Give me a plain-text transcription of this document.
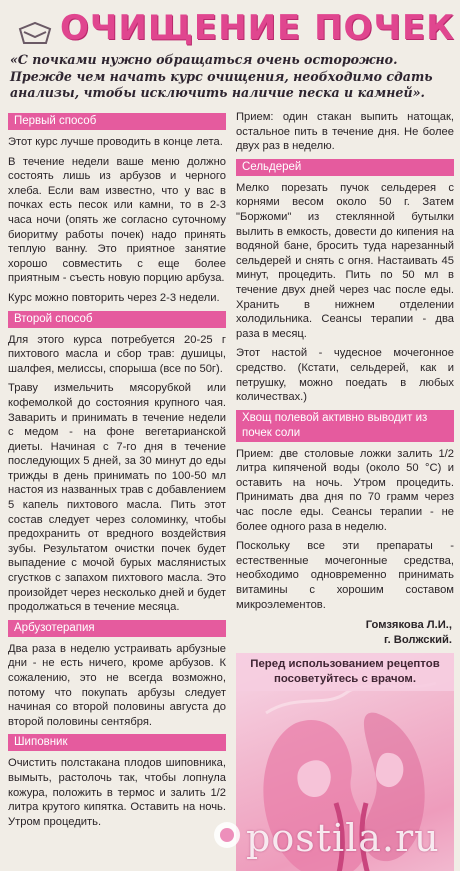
ОЧИЩЕНИЕ ПОЧЕК
«С почками нужно обращаться очень осторожно. Прежде чем начать курс очищения, необходимо сдать анализы, чтобы исключить наличие песка и камней».
Первый способ

Этот курс лучше проводить в конце лета.

В течение недели ваше меню должно состоять лишь из арбузов и черного хлеба. Если вам известно, что у вас в почках есть песок или камни, то в 2-3 часа ночи (опять же согласно суточному биоритму работы почек) надо принять теплую ванну. Это приятное занятие хорошо совместить с еще более приятным - съесть новую порцию арбуза.

Курс можно повторить через 2-3 недели.

Второй способ

Для этого курса потребуется 20-25 г пихтового масла и сбор трав: душицы, шалфея, мелиссы, спорыша (все по 50г).

Траву измельчить мясорубкой или кофемолкой до состояния крупного чая. Заварить и принимать в течение недели с медом - на фоне вегетарианской диеты. Начиная с 7-го дня в течение последующих 5 дней, за 30 минут до еды трижды в день принимать по 100-50 мл настоя из названных трав с добавлением 5 капель пихтового масла. Пить этот состав следует через соломинку, чтобы предохранить от вредного воздействия зубы. Результатом очистки почек будет выпадение с мочой бурых маслянистых сгустков с запахом пихтового масла. Это произойдет через несколько дней и будет продолжаться в течение месяца.

Арбузотерапия

Два раза в неделю устраивать арбузные дни - не есть ничего, кроме арбузов. К сожалению, это не всегда возможно, потому что покупать арбузы следует начиная со второй половины августа до второй половины сентября.

Шиповник

Очистить полстакана плодов шиповника, вымыть, растолочь так, чтобы лопнула кожура, положить в термос и залить 1/2 литра крутого кипятка. Оставить на ночь. Утром процедить.

Прием: один стакан выпить натощак, остальное пить в течение дня. Не более двух раз в неделю.

Сельдерей

Мелко порезать пучок сельдерея с корнями весом около 50 г. Затем "Боржоми" из стеклянной бутылки вылить в емкость, довести до кипения на водяной бане, бросить туда нарезанный сельдерей и снять с огня. Настаивать 45 минут, процедить. Пить по 50 мл в течение двух дней через час после еды. Хранить в нижнем отделении холодильника. Сеансы терапии - два раза в месяц.

Этот настой - чудесное мочегонное средство. (Кстати, сельдерей, как и петрушку, можно поедать в любых количествах.)

Хвощ полевой активно выводит из почек соли

Прием: две столовые ложки залить 1/2 литра кипяченой воды (около 50 °С) и оставить на ночь. Утром процедить. Принимать два дня по 70 грамм через час после еды. Сеансы терапии - не более одного раза в неделю.

Поскольку все эти препараты - естественные мочегонные средства, необходимо одновременно принимать витамины с хорошим составом микроэлементов.

Гомзякова Л.И.,
г. Волжский.
Перед использованием рецептов посоветуйтесь с врачом.
postila.ru
